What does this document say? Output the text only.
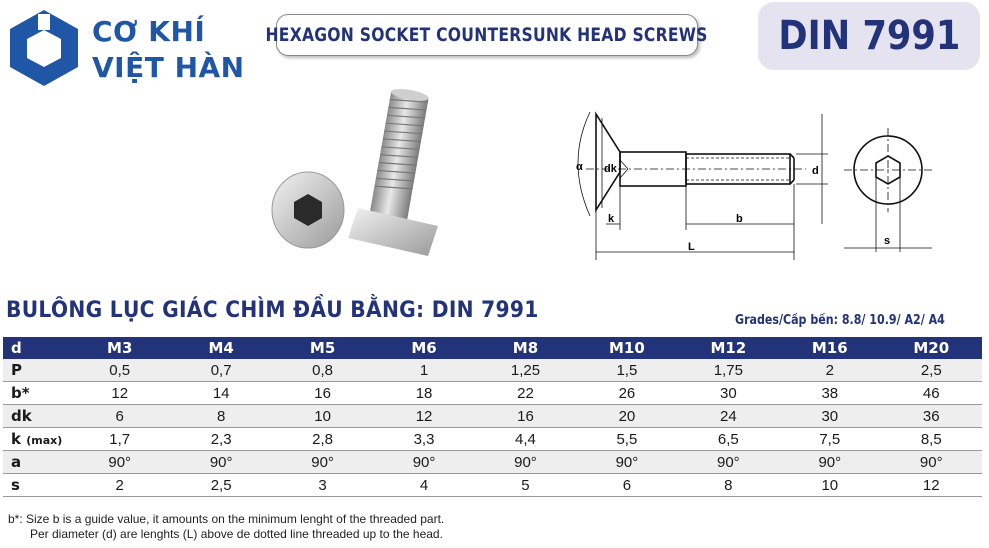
CƠ KHÍ
VIỆT HÀN
HEXAGON SOCKET COUNTERSUNK HEAD SCREWS DIN 7991
α dk
k	b
L
d
s
BULÔNG LỤC GIÁC CHÌM ĐẦU BẰNG: DIN 7991	Grades/Cấp bền: 8.8/ 10.9/ A2/ A4
d	M3	M4	M5	M6	M8	M10	M12	M16	M20
P	0,5	0,7	0,8	1	1,25	1,5	1,75	2	2,5
b*	12	14	16	18	22	26	30	38	46
dk	6	8	10	12	16	20	24	30	36
k (max)	1,7	2,3	2,8	3,3	4,4	5,5	6,5	7,5	8,5
a	90°	90°	90°	90°	90°	90°	90°	90°	90°
s	2	2,5	3	4	5	6	8	10	12
b*: Size b is a guide value, it amounts on the minimum lenght of the threaded part.
Per diameter (d) are lenghts (L) above de dotted line threaded up to the head.
